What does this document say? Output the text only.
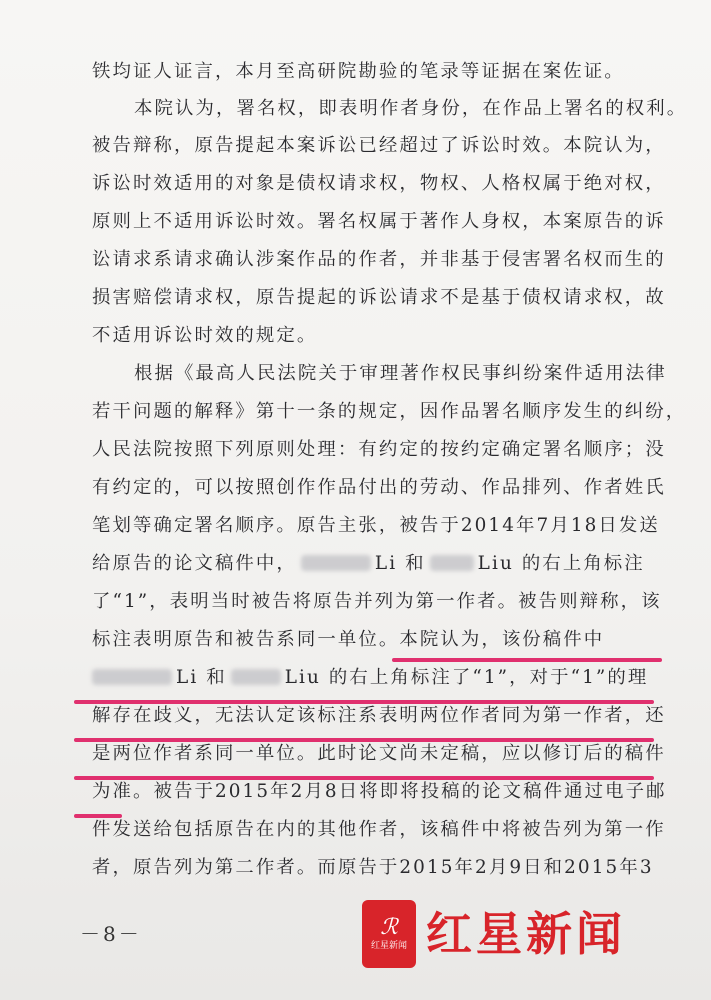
铁均证人证言，本月至高研院勘验的笔录等证据在案佐证。
本院认为，署名权，即表明作者身份，在作品上署名的权利。
被告辩称，原告提起本案诉讼已经超过了诉讼时效。本院认为，
诉讼时效适用的对象是债权请求权，物权、人格权属于绝对权，
原则上不适用诉讼时效。署名权属于著作人身权，本案原告的诉
讼请求系请求确认涉案作品的作者，并非基于侵害署名权而生的
损害赔偿请求权，原告提起的诉讼请求不是基于债权请求权，故
不适用诉讼时效的规定。
根据《最高人民法院关于审理著作权民事纠纷案件适用法律
若干问题的解释》第十一条的规定，因作品署名顺序发生的纠纷，
人民法院按照下列原则处理：有约定的按约定确定署名顺序；没
有约定的，可以按照创作作品付出的劳动、作品排列、作者姓氏
笔划等确定署名顺序。原告主张，被告于2014年7月18日发送
给原告的论文稿件中，	Li 和	Liu 的右上角标注
了“1”，表明当时被告将原告并列为第一作者。被告则辩称，该
标注表明原告和被告系同一单位。本院认为，该份稿件中
Li 和	Liu 的右上角标注了“1”，对于“1”的理
解存在歧义，无法认定该标注系表明两位作者同为第一作者，还
是两位作者系同一单位。此时论文尚未定稿，应以修订后的稿件
为准。被告于2015年2月8日将即将投稿的论文稿件通过电子邮
件发送给包括原告在内的其他作者，该稿件中将被告列为第一作
者，原告列为第二作者。而原告于2015年2月9日和2015年3
－8－	ℛ
红星新闻 红星新闻
